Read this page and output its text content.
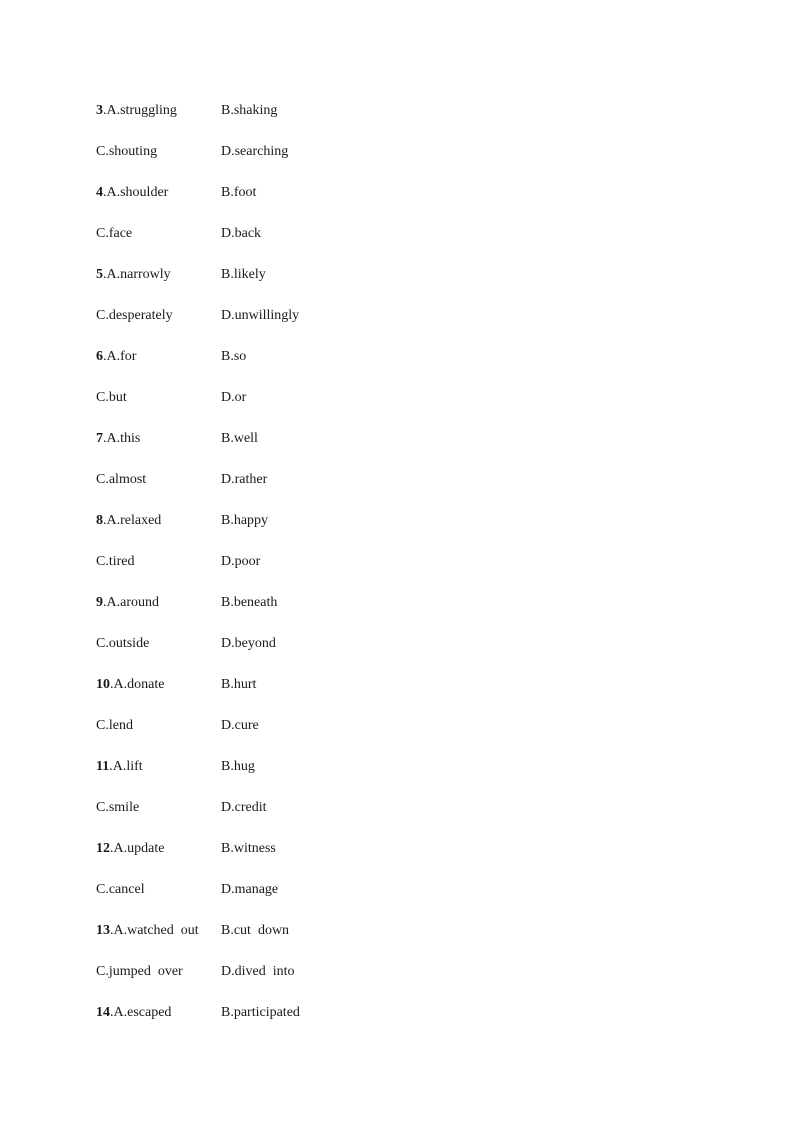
3.A.struggling	B.shaking
C.shouting	D.searching
4.A.shoulder	B.foot
C.face	D.back
5.A.narrowly	B.likely
C.desperately	D.unwillingly
6.A.for	B.so
C.but	D.or
7.A.this	B.well
C.almost	D.rather
8.A.relaxed	B.happy
C.tired	D.poor
9.A.around	B.beneath
C.outside	D.beyond
10.A.donate	B.hurt
C.lend	D.cure
11.A.lift	B.hug
C.smile	D.credit
12.A.update	B.witness
C.cancel	D.manage
13.A.watched  out B.cut  down
C.jumped  over	D.dived  into
14.A.escaped	B.participated
